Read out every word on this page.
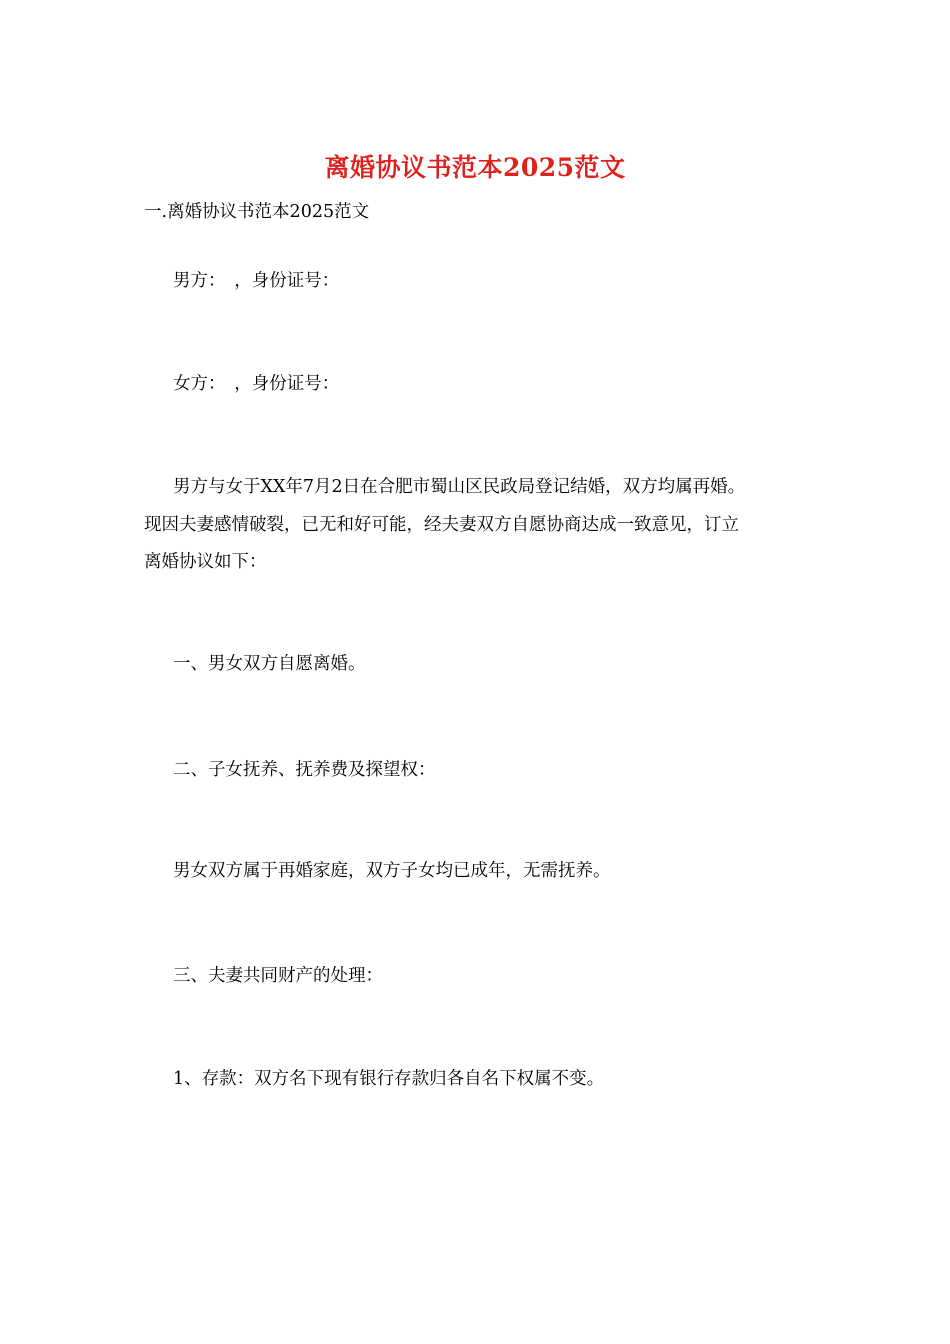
离婚协议书范本2025范文
一.离婚协议书范本2025范文
男方：　，身份证号：
女方：　，身份证号：
男方与女于XX年7月2日在合肥市蜀山区民政局登记结婚，双方均属再婚。
现因夫妻感情破裂，已无和好可能，经夫妻双方自愿协商达成一致意见，订立
离婚协议如下：
一、男女双方自愿离婚。
二、子女抚养、抚养费及探望权：
男女双方属于再婚家庭，双方子女均已成年，无需抚养。
三、夫妻共同财产的处理：
1、存款：双方名下现有银行存款归各自名下权属不变。
